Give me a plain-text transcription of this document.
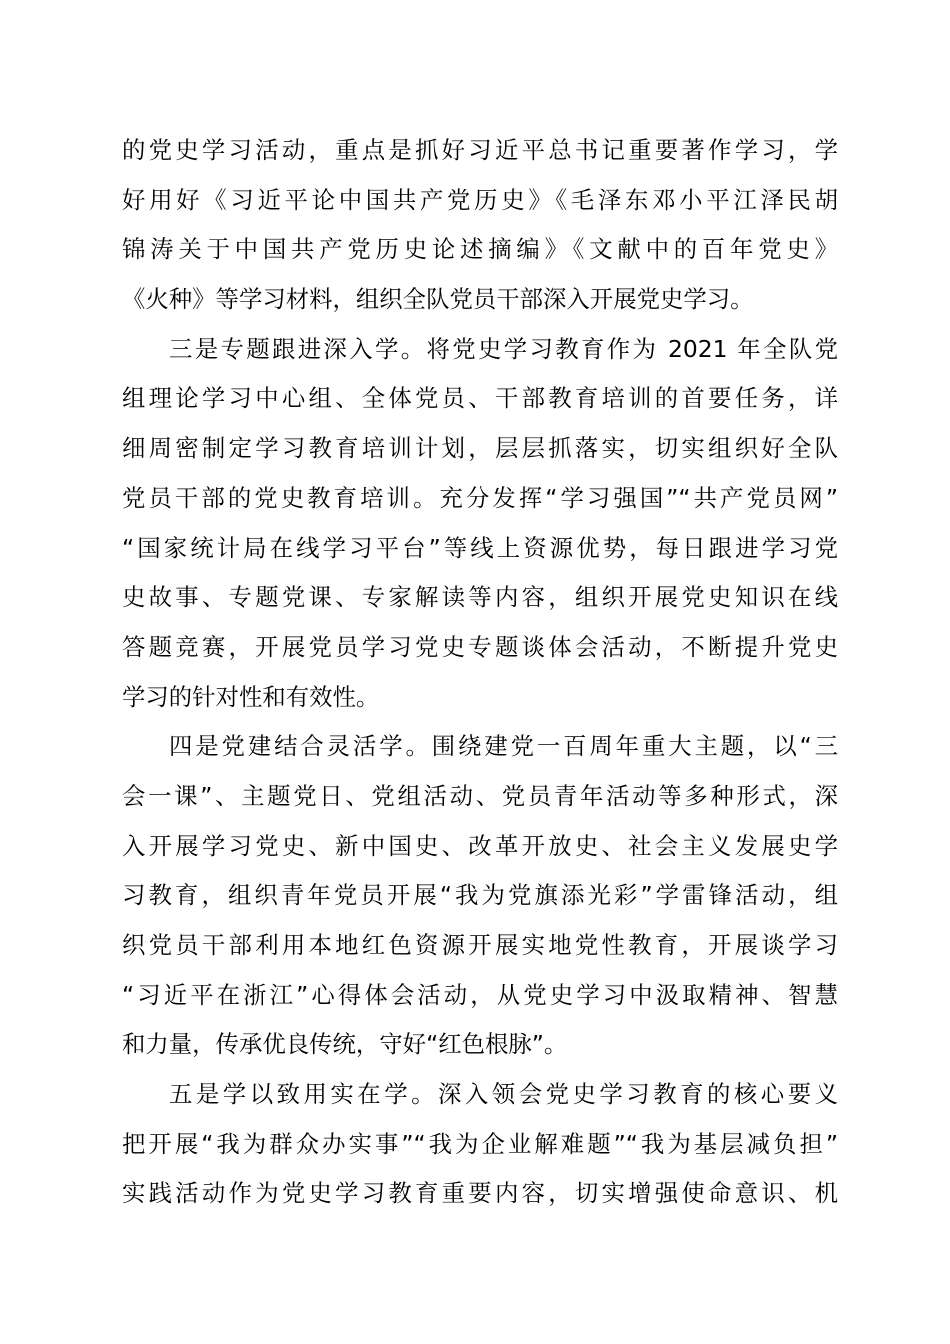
的党史学习活动，重点是抓好习近平总书记重要著作学习，学
好用好《习近平论中国共产党历史》《毛泽东邓小平江泽民胡
锦涛关于中国共产党历史论述摘编》《文献中的百年党史》
《火种》等学习材料，组织全队党员干部深入开展党史学习。
三是专题跟进深入学。将党史学习教育作为 2021 年全队党
组理论学习中心组、全体党员、干部教育培训的首要任务，详
细周密制定学习教育培训计划，层层抓落实，切实组织好全队
党员干部的党史教育培训。充分发挥“学习强国”“共产党员网”
“国家统计局在线学习平台”等线上资源优势，每日跟进学习党
史故事、专题党课、专家解读等内容，组织开展党史知识在线
答题竞赛，开展党员学习党史专题谈体会活动，不断提升党史
学习的针对性和有效性。
四是党建结合灵活学。围绕建党一百周年重大主题，以“三
会一课”、主题党日、党组活动、党员青年活动等多种形式，深
入开展学习党史、新中国史、改革开放史、社会主义发展史学
习教育，组织青年党员开展“我为党旗添光彩”学雷锋活动，组
织党员干部利用本地红色资源开展实地党性教育，开展谈学习
“习近平在浙江”心得体会活动，从党史学习中汲取精神、智慧
和力量，传承优良传统，守好“红色根脉”。
五是学以致用实在学。深入领会党史学习教育的核心要义
把开展“我为群众办实事”“我为企业解难题”“我为基层减负担”
实践活动作为党史学习教育重要内容，切实增强使命意识、机
